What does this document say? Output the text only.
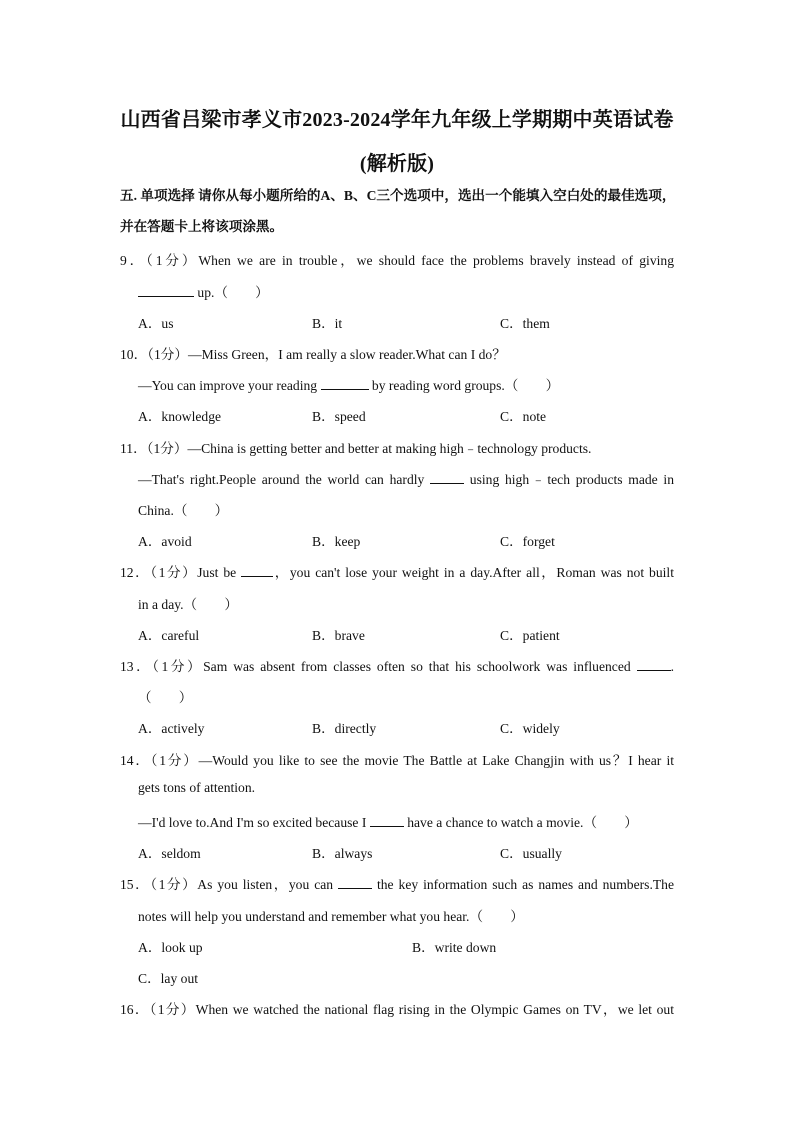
山西省吕梁市孝义市2023-2024学年九年级上学期期中英语试卷
(解析版)
五. 单项选择 请你从每小题所给的A、B、C三个选项中，选出一个能填入空白处的最佳选项，并在答题卡上将该项涂黑。
9．（1分）When we are in trouble，we should face the problems bravely instead of giving
up.（　　）
A．us	B．it	C．them
10．（1分）—Miss Green，I am really a slow reader.What can I do？
—You can improve your reading	by reading word groups.（　　）
A．knowledge	B．speed	C．note
11．（1分）—China is getting better and better at making high﹣technology products.
—That's right.People around the world can hardly	using high﹣tech products made in
China.（　　）
A．avoid	B．keep	C．forget
12．（1分）Just be	，you can't lose your weight in a day.After all，Roman was not built
in a day.（　　）
A．careful	B．brave	C．patient
13．（1分）Sam was absent from classes often so that his schoolwork was influenced	.
（　　）
A．actively	B．directly	C．widely
14．（1分）—Would you like to see the movie The Battle at Lake Changjin with us？I hear it
gets tons of attention.
—I'd love to.And I'm so excited because I	have a chance to watch a movie.（　　）
A．seldom	B．always	C．usually
15．（1分）As you listen，you can	the key information such as names and numbers.The
notes will help you understand and remember what you hear.（　　）
A．look up	B．write down
C．lay out
16．（1分）When we watched the national flag rising in the Olympic Games on TV，we let out
